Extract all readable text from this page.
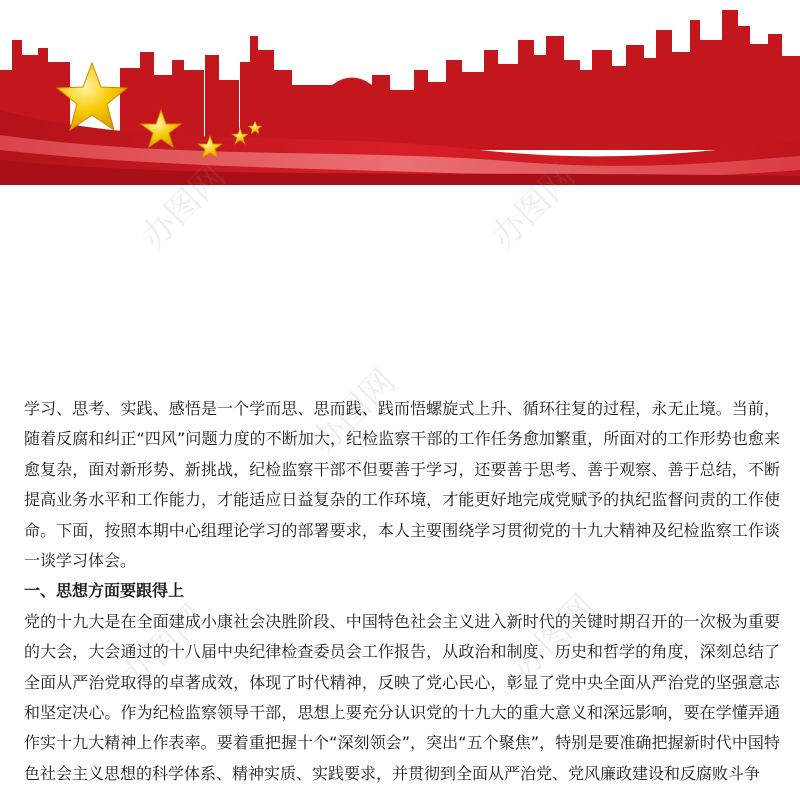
办图网	办图网
办图网
办图网	办图网

学习、思考、实践、感悟是一个学而思、思而践、践而悟螺旋式上升、循环往复的过程，永无止境。当前，随着反腐和纠正“四风”问题力度的不断加大，纪检监察干部的工作任务愈加繁重，所面对的工作形势也愈来愈复杂，面对新形势、新挑战，纪检监察干部不但要善于学习，还要善于思考、善于观察、善于总结，不断提高业务水平和工作能力，才能适应日益复杂的工作环境，才能更好地完成党赋予的执纪监督问责的工作使命。下面，按照本期中心组理论学习的部署要求，本人主要围绕学习贯彻党的十九大精神及纪检监察工作谈一谈学习体会。

一、思想方面要跟得上

党的十九大是在全面建成小康社会决胜阶段、中国特色社会主义进入新时代的关键时期召开的一次极为重要的大会，大会通过的十八届中央纪律检查委员会工作报告，从政治和制度、历史和哲学的角度，深刻总结了全面从严治党取得的卓著成效，体现了时代精神，反映了党心民心，彰显了党中央全面从严治党的坚强意志和坚定决心。作为纪检监察领导干部，思想上要充分认识党的十九大的重大意义和深远影响，要在学懂弄通作实十九大精神上作表率。要着重把握十个“深刻领会”，突出“五个聚焦”，特别是要准确把握新时代中国特色社会主义思想的科学体系、精神实质、实践要求，并贯彻到全面从严治党、党风廉政建设和反腐败斗争
